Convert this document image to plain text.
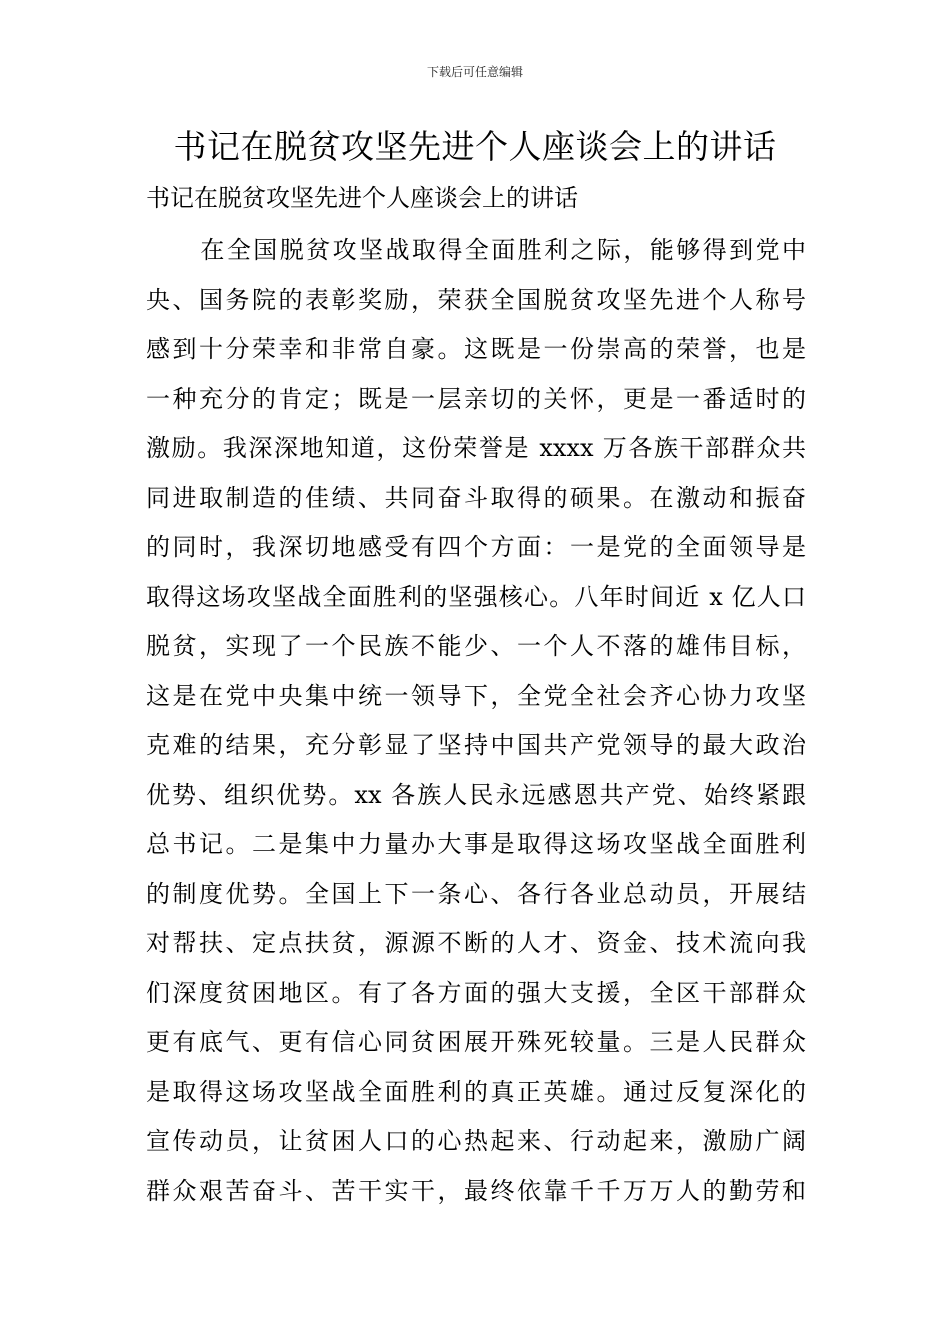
下载后可任意编辑
书记在脱贫攻坚先进个人座谈会上的讲话

书记在脱贫攻坚先进个人座谈会上的讲话

在全国脱贫攻坚战取得全面胜利之际，能够得到党中
央、国务院的表彰奖励，荣获全国脱贫攻坚先进个人称号
感到十分荣幸和非常自豪。这既是一份崇高的荣誉，也是
一种充分的肯定；既是一层亲切的关怀，更是一番适时的
激励。我深深地知道，这份荣誉是 xxxx 万各族干部群众共
同进取制造的佳绩、共同奋斗取得的硕果。在激动和振奋
的同时，我深切地感受有四个方面：一是党的全面领导是
取得这场攻坚战全面胜利的坚强核心。八年时间近 x 亿人口
脱贫，实现了一个民族不能少、一个人不落的雄伟目标，
这是在党中央集中统一领导下，全党全社会齐心协力攻坚
克难的结果，充分彰显了坚持中国共产党领导的最大政治
优势、组织优势。xx 各族人民永远感恩共产党、始终紧跟
总书记。二是集中力量办大事是取得这场攻坚战全面胜利
的制度优势。全国上下一条心、各行各业总动员，开展结
对帮扶、定点扶贫，源源不断的人才、资金、技术流向我
们深度贫困地区。有了各方面的强大支援，全区干部群众
更有底气、更有信心同贫困展开殊死较量。三是人民群众
是取得这场攻坚战全面胜利的真正英雄。通过反复深化的
宣传动员，让贫困人口的心热起来、行动起来，激励广阔
群众艰苦奋斗、苦干实干，最终依靠千千万万人的勤劳和
